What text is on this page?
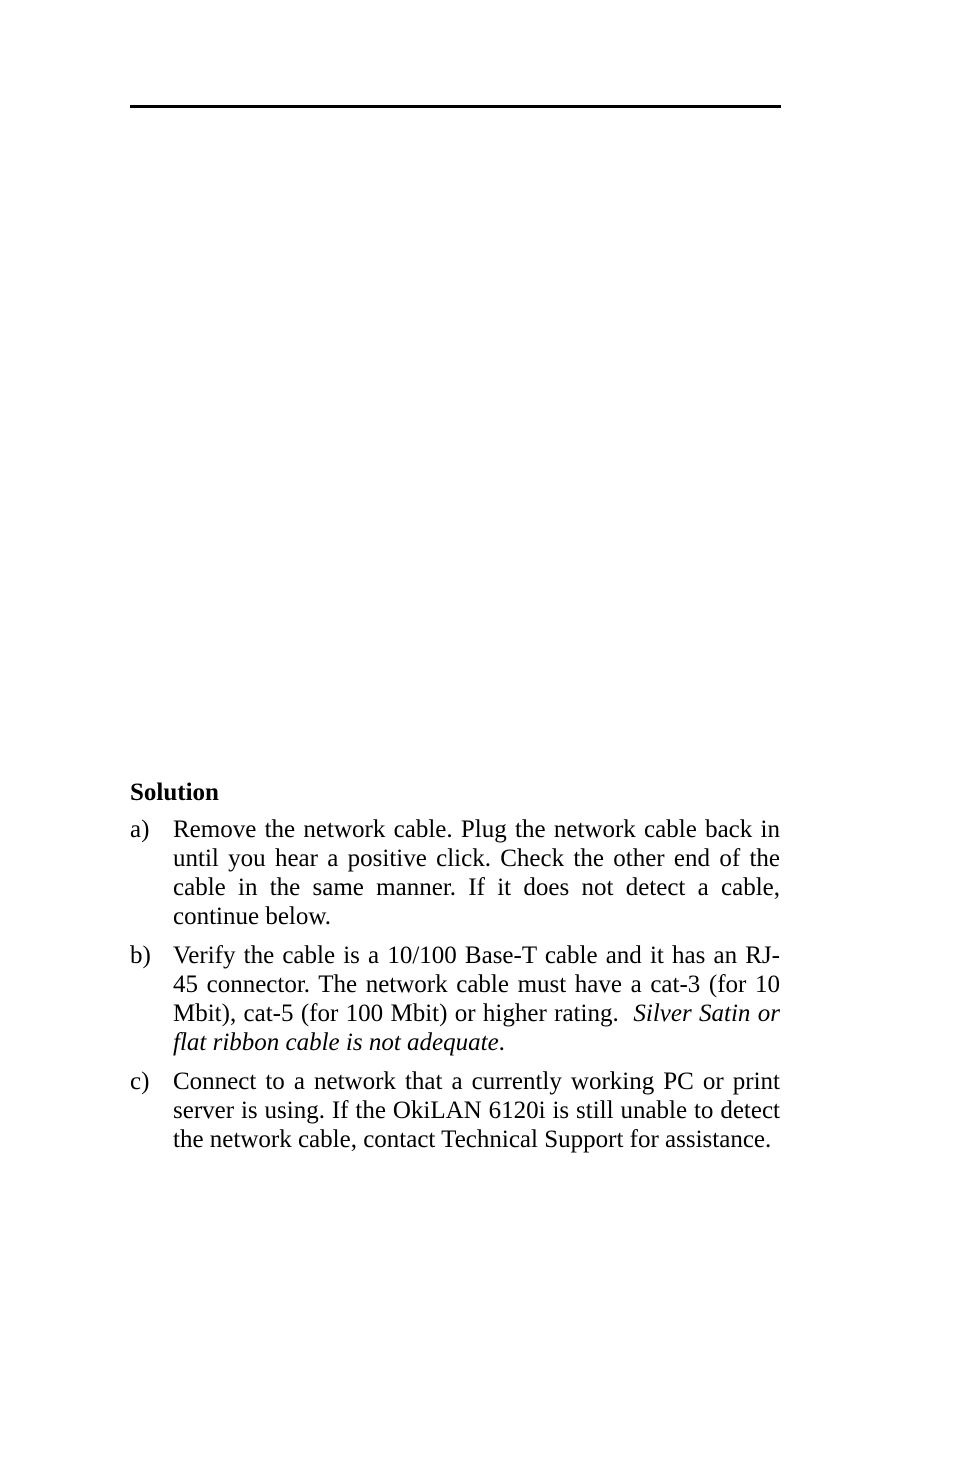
Solution
a) Remove the network cable. Plug the network cable back in until you hear a positive click. Check the other end of the cable in the same manner. If it does not detect a cable, continue below.
b) Verify the cable is a 10/100 Base-T cable and it has an RJ-45 connector. The network cable must have a cat-3 (for 10 Mbit), cat-5 (for 100 Mbit) or higher rating. Silver Satin or flat ribbon cable is not adequate.
c) Connect to a network that a currently working PC or print server is using. If the OkiLAN 6120i is still unable to detect the network cable, contact Technical Support for assistance.
